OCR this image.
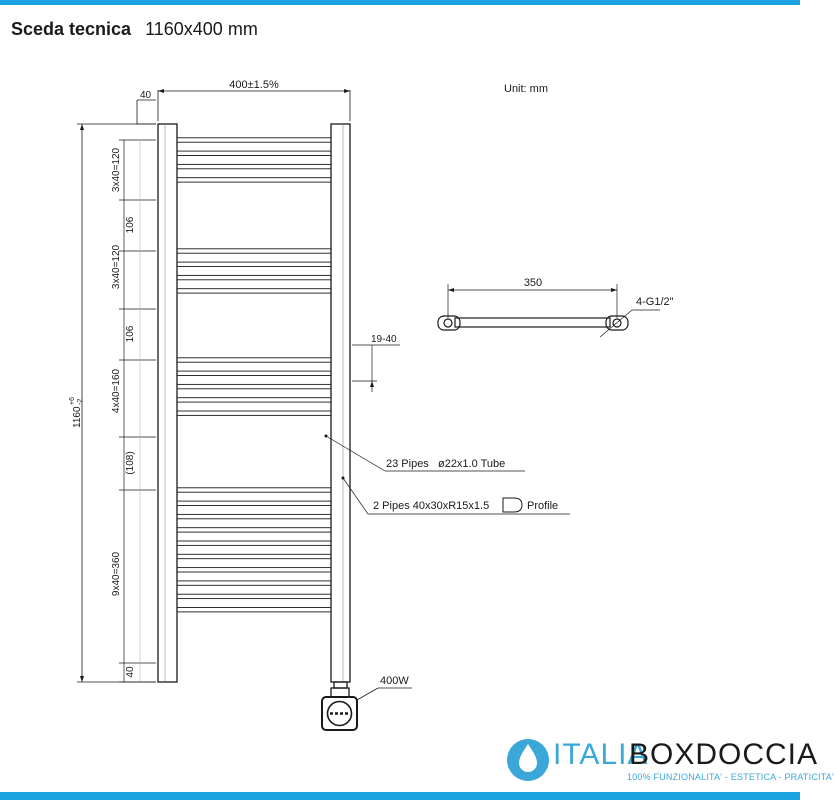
Sceda tecnica 1160x400 mm
400W
400±1.5%
40
1160
+6 -2
3x40=120
106
3x40=120
106
4x40=160
(108)
9x40=360
40
19-40
23 Pipes   ø22x1.0 Tube
2 Pipes 40x30xR15x1.5	Profile
Unit: mm
350
4-G1/2"
ITALIA
BOXDOCCIA
100% FUNZIONALITA' - ESTETICA - PRATICITA'
